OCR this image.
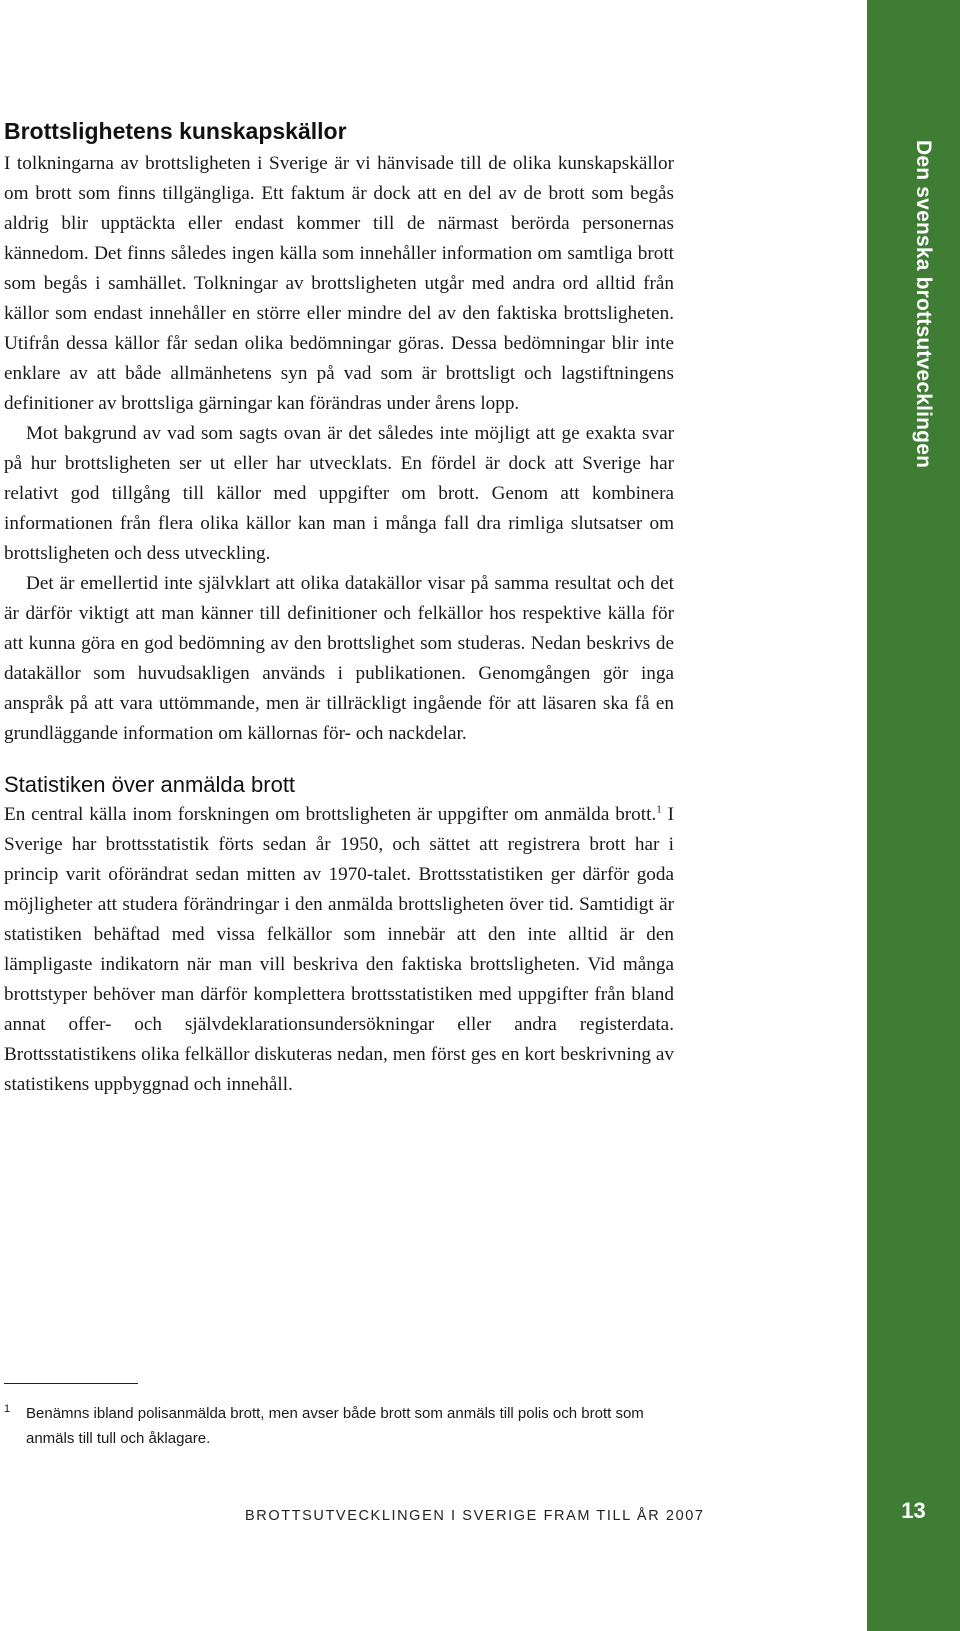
Den svenska brottsutvecklingen
13
Brottslighetens kunskapskällor

I tolkningarna av brottsligheten i Sverige är vi hänvisade till de olika kunskapskällor om brott som finns tillgängliga. Ett faktum är dock att en del av de brott som begås aldrig blir upptäckta eller endast kommer till de närmast berörda personernas kännedom. Det finns således ingen källa som innehåller information om samtliga brott som begås i samhället. Tolkningar av brottsligheten utgår med andra ord alltid från källor som endast innehåller en större eller mindre del av den faktiska brottsligheten. Utifrån dessa källor får sedan olika bedömningar göras. Dessa bedömningar blir inte enklare av att både allmänhetens syn på vad som är brottsligt och lagstiftningens definitioner av brottsliga gärningar kan förändras under årens lopp.

Mot bakgrund av vad som sagts ovan är det således inte möjligt att ge exakta svar på hur brottsligheten ser ut eller har utvecklats. En fördel är dock att Sverige har relativt god tillgång till källor med uppgifter om brott. Genom att kombinera informationen från flera olika källor kan man i många fall dra rimliga slutsatser om brottsligheten och dess utveckling.

Det är emellertid inte självklart att olika datakällor visar på samma resultat och det är därför viktigt att man känner till definitioner och felkällor hos respektive källa för att kunna göra en god bedömning av den brottslighet som studeras. Nedan beskrivs de datakällor som huvudsakligen används i publikationen. Genomgången gör inga anspråk på att vara uttömmande, men är tillräckligt ingående för att läsaren ska få en grundläggande information om källornas för- och nackdelar.

Statistiken över anmälda brott

En central källa inom forskningen om brottsligheten är uppgifter om anmälda brott.$^1$ I Sverige har brottsstatistik förts sedan år 1950, och sättet att registrera brott har i princip varit oförändrat sedan mitten av 1970-talet. Brottsstatistiken ger därför goda möjligheter att studera förändringar i den anmälda brottsligheten över tid. Samtidigt är statistiken behäftad med vissa felkällor som innebär att den inte alltid är den lämpligaste indikatorn när man vill beskriva den faktiska brottsligheten. Vid många brottstyper behöver man därför komplettera brottsstatistiken med uppgifter från bland annat offer- och självdeklarationsundersökningar eller andra registerdata. Brottsstatistikens olika felkällor diskuteras nedan, men först ges en kort beskrivning av statistikens uppbyggnad och innehåll.

1	Benämns ibland polisanmälda brott, men avser både brott som anmäls till polis och brott som anmäls till tull och åklagare.
BROTTSUTVECKLINGEN I SVERIGE FRAM TILL ÅR 2007
